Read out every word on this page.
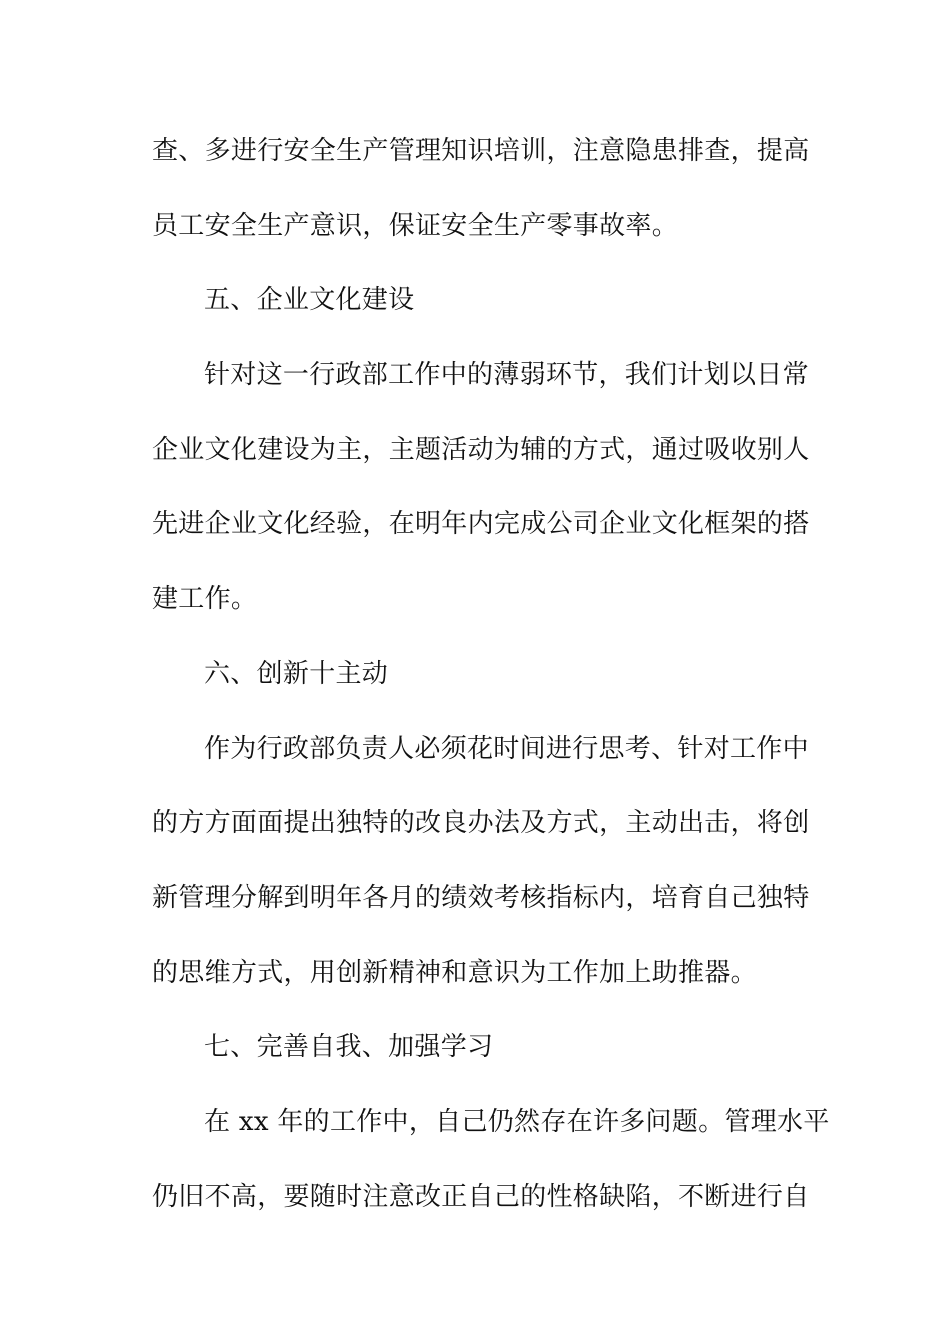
查、多进行安全生产管理知识培训，注意隐患排查，提高
员工安全生产意识，保证安全生产零事故率。
五、企业文化建设
针对这一行政部工作中的薄弱环节，我们计划以日常
企业文化建设为主，主题活动为辅的方式，通过吸收别人
先进企业文化经验，在明年内完成公司企业文化框架的搭
建工作。
六、创新十主动
作为行政部负责人必须花时间进行思考、针对工作中
的方方面面提出独特的改良办法及方式，主动出击，将创
新管理分解到明年各月的绩效考核指标内，培育自己独特
的思维方式，用创新精神和意识为工作加上助推器。
七、完善自我、加强学习
在 xx 年的工作中，自己仍然存在许多问题。管理水平
仍旧不高，要随时注意改正自己的性格缺陷，不断进行自
